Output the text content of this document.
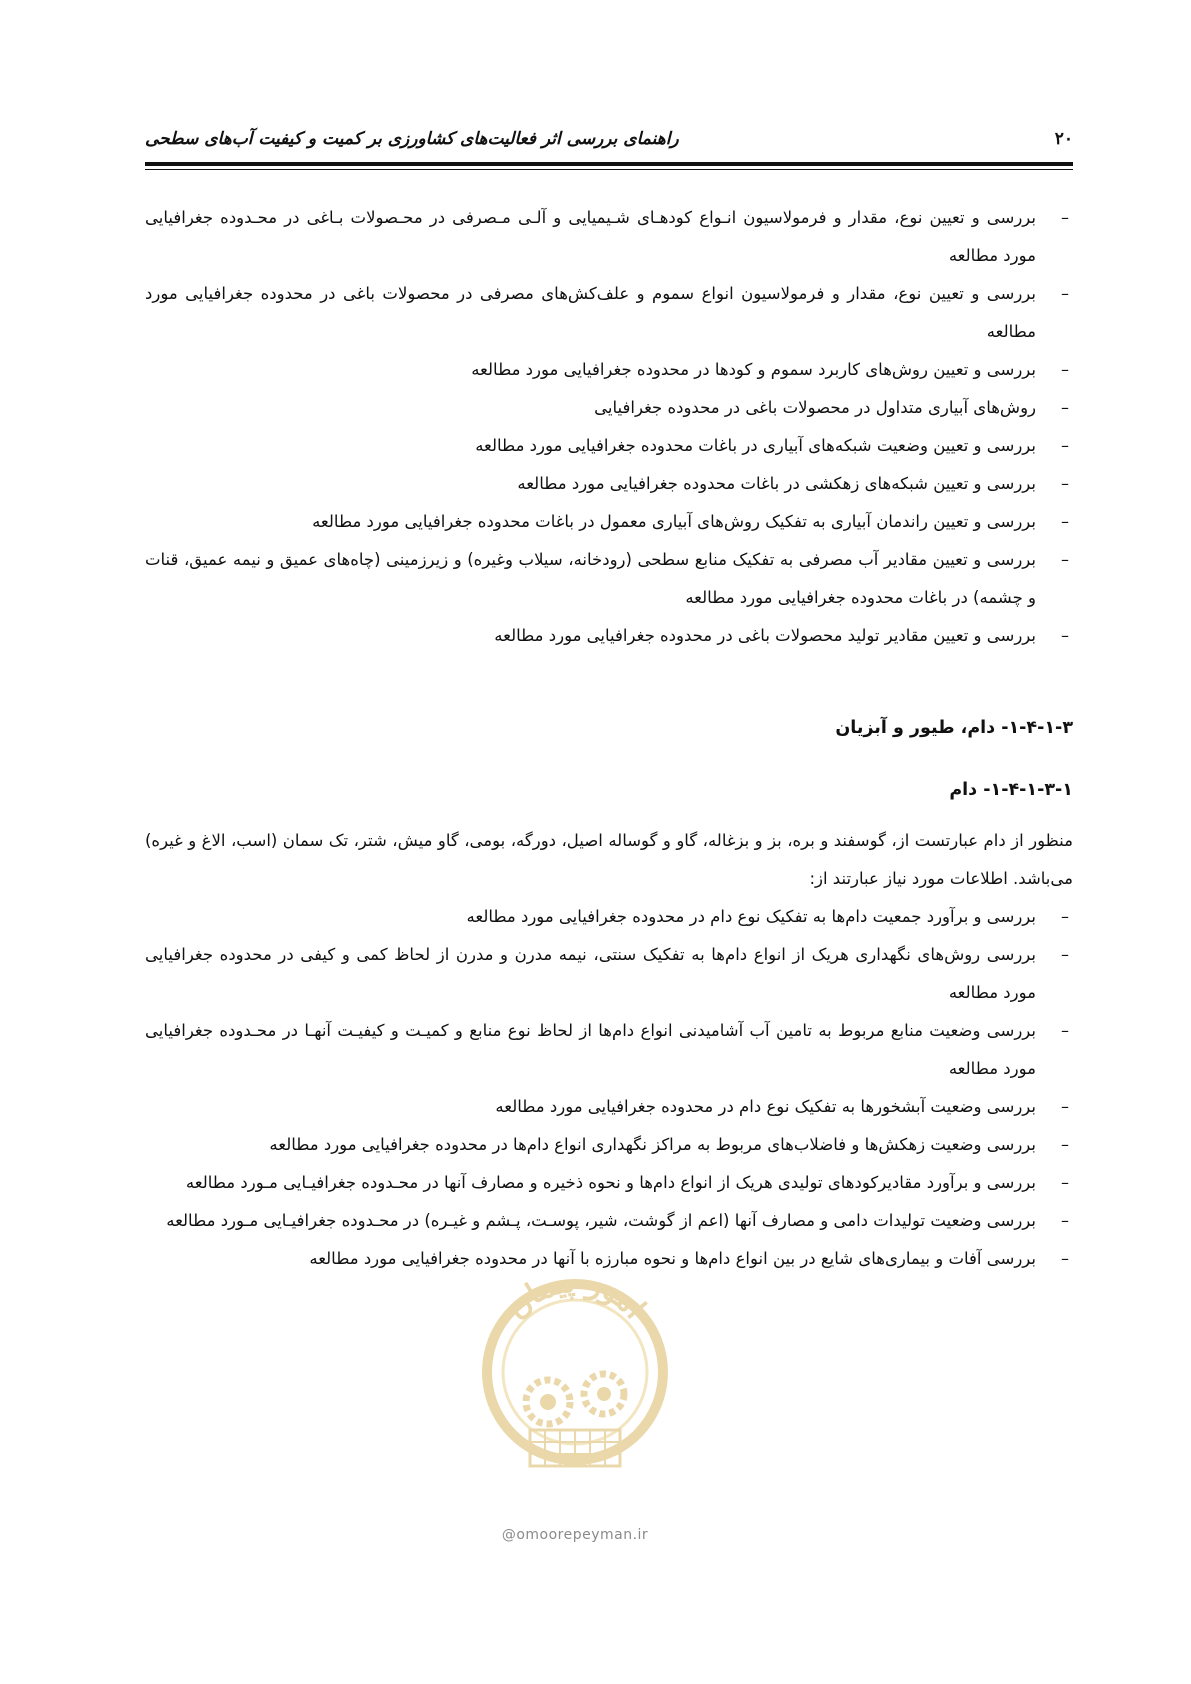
۲۰
راهنمای بررسی اثر فعالیت‌های کشاورزی بر کمیت و کیفیت آب‌های سطحی
– بررسی و تعیین نوع، مقدار و فرمولاسیون انـواع کودهـای شـیمیایی و آلـی مـصرفی در محـصولات بـاغی در محـدوده جغرافیایی مورد مطالعه
– بررسی و تعیین نوع، مقدار و فرمولاسیون انواع سموم و علف‌کش‌های مصرفی در محصولات باغی در محدوده جغرافیایی مورد مطالعه
– بررسی و تعیین روش‌های کاربرد سموم و کودها در محدوده جغرافیایی مورد مطالعه
– روش‌های آبیاری متداول در محصولات باغی در محدوده جغرافیایی
– بررسی و تعیین وضعیت شبکه‌های آبیاری در باغات محدوده جغرافیایی مورد مطالعه
– بررسی و تعیین شبکه‌های زهکشی در باغات محدوده جغرافیایی مورد مطالعه
– بررسی و تعیین راندمان آبیاری به تفکیک روش‌های آبیاری معمول در باغات محدوده جغرافیایی مورد مطالعه
– بررسی و تعیین مقادیر آب مصرفی به تفکیک منابع سطحی (رودخانه، سیلاب وغیره) و زیرزمینی (چاه‌های عمیق و نیمه عمیق، قنات و چشمه) در باغات محدوده جغرافیایی مورد مطالعه
– بررسی و تعیین مقادیر تولید محصولات باغی در محدوده جغرافیایی مورد مطالعه
۱-۴-۱-۳- دام، طیور و آبزیان
۱-۴-۱-۳-۱- دام
منظور از دام عبارتست از، گوسفند و بره، بز و بزغاله، گاو و گوساله اصیل، دورگه، بومی، گاو میش، شتر، تک سمان (اسب، الاغ و غیره) می‌باشد. اطلاعات مورد نیاز عبارتند از:
– بررسی و برآورد جمعیت دام‌ها به تفکیک نوع دام در محدوده جغرافیایی مورد مطالعه
– بررسی روش‌های نگهداری هریک از انواع دام‌ها به تفکیک سنتی، نیمه مدرن و مدرن از لحاظ کمی و کیفی در محدوده جغرافیایی مورد مطالعه
– بررسی وضعیت منابع مربوط به تامین آب آشامیدنی انواع دام‌ها از لحاظ نوع منابع و کمیـت و کیفیـت آنهـا در محـدوده جغرافیایی مورد مطالعه
– بررسی وضعیت آبشخورها به تفکیک نوع دام در محدوده جغرافیایی مورد مطالعه
– بررسی وضعیت زهکش‌ها و فاضلاب‌های مربوط به مراکز نگهداری انواع دام‌ها در محدوده جغرافیایی مورد مطالعه
– بررسی و برآورد مقادیرکودهای تولیدی هریک از انواع دام‌ها و نحوه ذخیره و مصارف آنها در محـدوده جغرافیـایی مـورد مطالعه
– بررسی وضعیت تولیدات دامی و مصارف آنها (اعم از گوشت، شیر، پوسـت، پـشم و غیـره) در محـدوده جغرافیـایی مـورد مطالعه
– بررسی آفات و بیماری‌های شایع در بین انواع دام‌ها و نحوه مبارزه با آنها در محدوده جغرافیایی مورد مطالعه
امور پیمان
@omoorepeyman.ir
